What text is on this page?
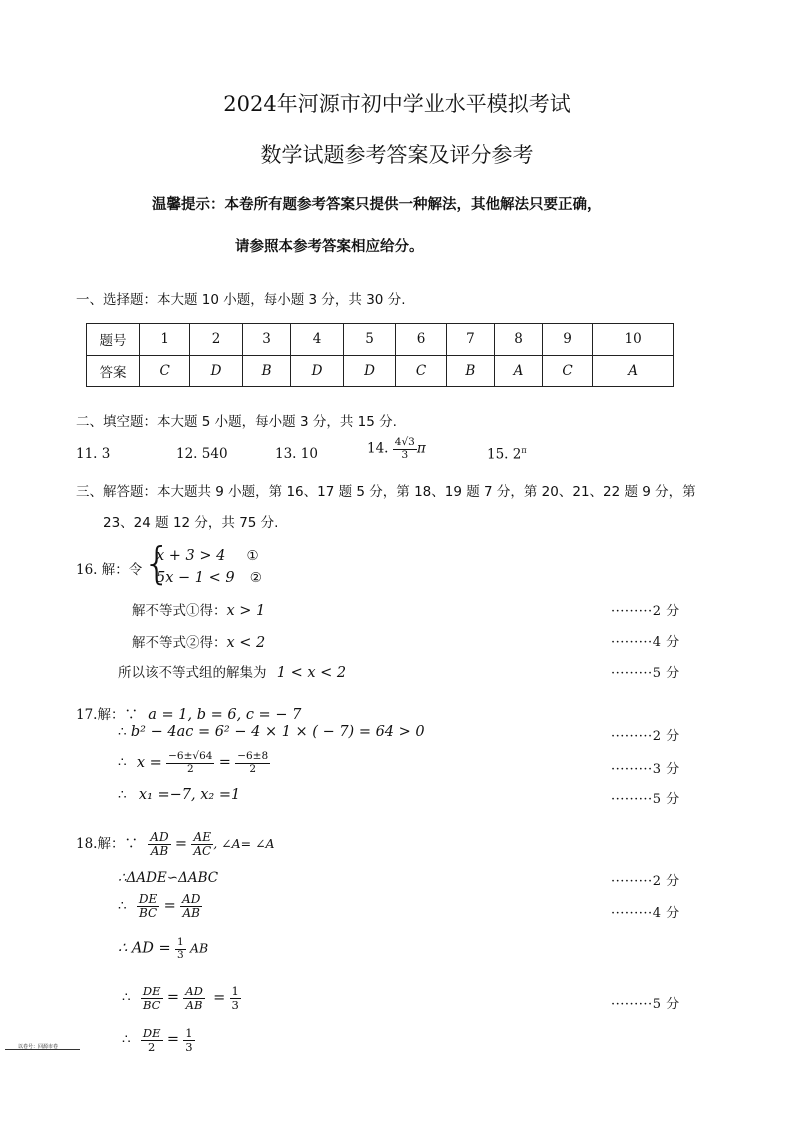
2024年河源市初中学业水平模拟考试
数学试题参考答案及评分参考
温馨提示：本卷所有题参考答案只提供一种解法，其他解法只要正确，
请参照本参考答案相应给分。
一、选择题：本大题 10 小题，每小题 3 分，共 30 分.
题号	1	2	3	4	5	6	7	8	9	10
答案	C	D	B	D	D	C	B	A	C	A
二、填空题：本大题 5 小题，每小题 3 分，共 15 分.
11. 3	12. 540	13. 10	14. $\frac{4√3}{3}$ π	15. $2^\pi$
三、解答题：本大题共 9 小题，第 16、17 题 5 分，第 18、19 题 7 分，第 20、21、22 题 9 分，第
23、24 题 12 分，共 75 分.
16. 解：令 {
x + 3 > 4 ①
5x − 1 < 9 ②
解不等式①得：x > 1	·········2 分
解不等式②得：x < 2	·········4 分
所以该不等式组的解集为 1 < x < 2	·········5 分
17.解：∵ a = 1, b = 6, c = − 7
∴ b² − 4ac = 6² − 4 × 1 × ( − 7) = 64 > 0	·········2 分
∴ $x = \frac{-6\pm√64}{2} = \frac{-6\pm 8}{2}$	·········3 分
∴ x₁ =−7, x₂ =1	·········5 分
18.解：∵ $\frac{AD}{AB} = \frac{AE}{AC}$ , ∠A= ∠A
∴ΔADE∽ΔABC	·········2 分
∴ $\frac{DE}{BC} = \frac{AD}{AB}$	·········4 分
∴ AD = $\frac{1}{3}$ AB
∴ $\frac{DE}{BC} = \frac{AD}{AB} = \frac{1}{3}$	·········5 分
∴ $\frac{DE}{2} = \frac{1}{3}$
以卷号：回源市卷
